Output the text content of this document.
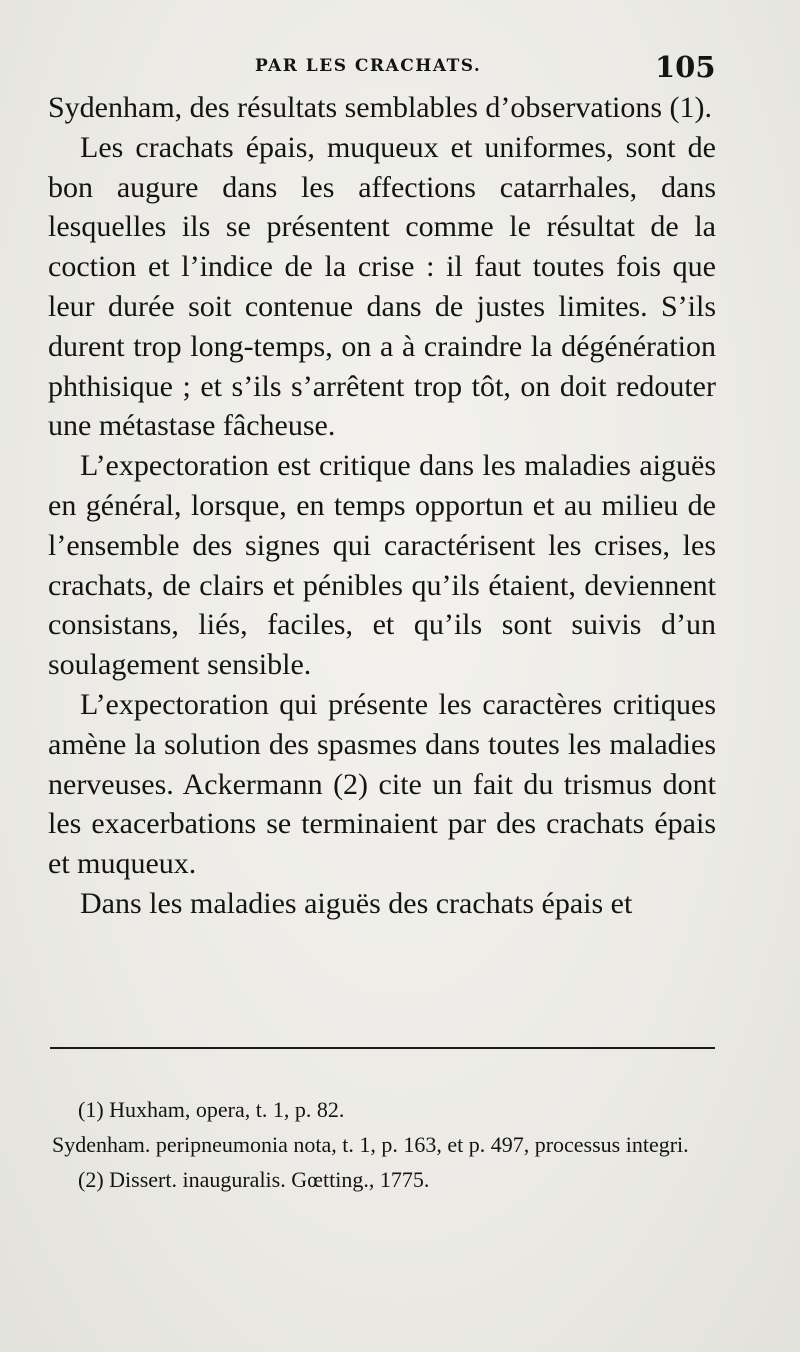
PAR LES CRACHATS.	105

Sydenham, des résultats semblables d’observations (1).

Les crachats épais, muqueux et uniformes, sont de bon augure dans les affections catarrhales, dans lesquelles ils se présentent comme le résultat de la coction et l’indice de la crise : il faut toutes fois que leur durée soit contenue dans de justes limites. S’ils durent trop long-temps, on a à craindre la dégénération phthisique ; et s’ils s’arrêtent trop tôt, on doit redouter une métastase fâcheuse.

L’expectoration est critique dans les maladies aiguës en général, lorsque, en temps opportun et au milieu de l’ensemble des signes qui caractérisent les crises, les crachats, de clairs et pénibles qu’ils étaient, deviennent consistans, liés, faciles, et qu’ils sont suivis d’un soulagement sensible.

L’expectoration qui présente les caractères critiques amène la solution des spasmes dans toutes les maladies nerveuses. Ackermann (2) cite un fait du trismus dont les exacerbations se terminaient par des crachats épais et muqueux.

Dans les maladies aiguës des crachats épais et

(1) Huxham, opera, t. 1, p. 82.

Sydenham. peripneumonia nota, t. 1, p. 163, et p. 497, processus integri.

(2) Dissert. inauguralis. Gœtting., 1775.
